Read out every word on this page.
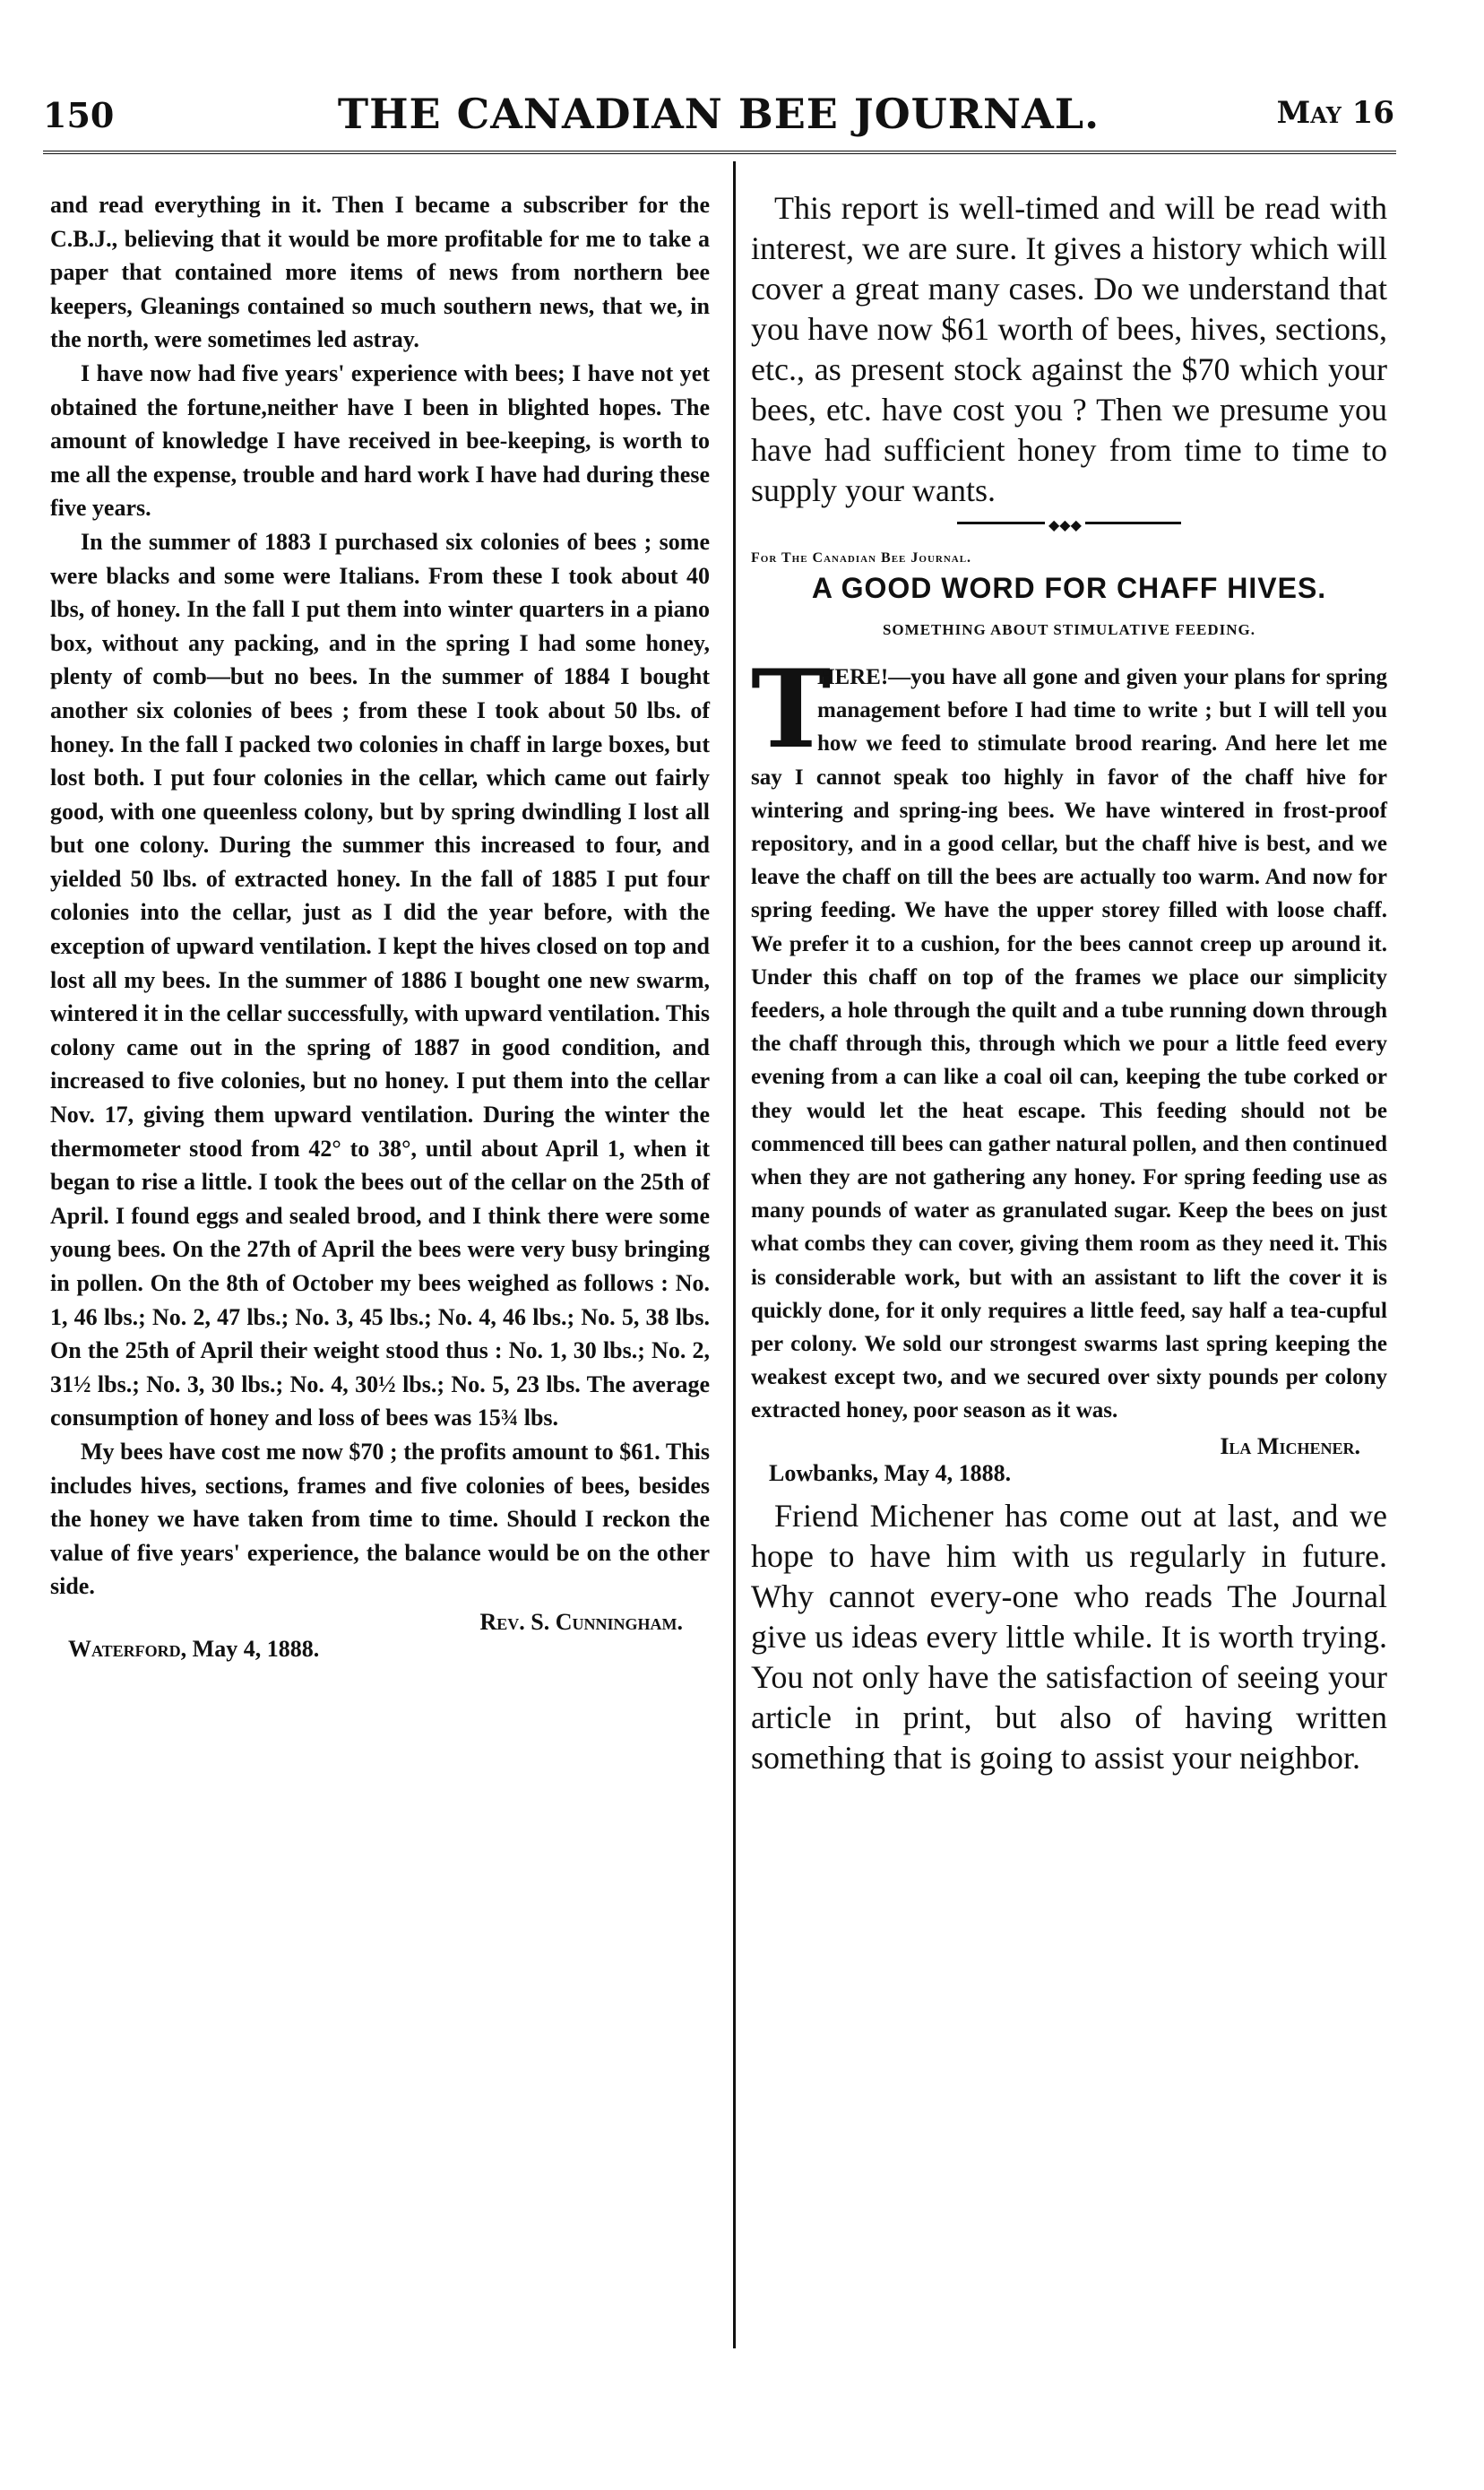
150	THE CANADIAN BEE JOURNAL.	May 16

and read everything in it. Then I became a subscriber for the C.B.J., believing that it would be more profitable for me to take a paper that contained more items of news from northern bee keepers, Gleanings contained so much southern news, that we, in the north, were sometimes led astray.

I have now had five years' experience with bees; I have not yet obtained the fortune,neither have I been in blighted hopes. The amount of knowledge I have received in bee-keeping, is worth to me all the expense, trouble and hard work I have had during these five years.

In the summer of 1883 I purchased six colonies of bees ; some were blacks and some were Italians. From these I took about 40 lbs, of honey. In the fall I put them into winter quarters in a piano box, without any packing, and in the spring I had some honey, plenty of comb—but no bees. In the summer of 1884 I bought another six colonies of bees ; from these I took about 50 lbs. of honey. In the fall I packed two colonies in chaff in large boxes, but lost both. I put four colonies in the cellar, which came out fairly good, with one queenless colony, but by spring dwindling I lost all but one colony. During the summer this increased to four, and yielded 50 lbs. of extracted honey. In the fall of 1885 I put four colonies into the cellar, just as I did the year before, with the exception of upward ventilation. I kept the hives closed on top and lost all my bees. In the summer of 1886 I bought one new swarm, wintered it in the cellar successfully, with upward ventilation. This colony came out in the spring of 1887 in good condition, and increased to five colonies, but no honey. I put them into the cellar Nov. 17, giving them upward ventilation. During the winter the thermometer stood from 42° to 38°, until about April 1, when it began to rise a little. I took the bees out of the cellar on the 25th of April. I found eggs and sealed brood, and I think there were some young bees. On the 27th of April the bees were very busy bringing in pollen. On the 8th of October my bees weighed as follows : No. 1, 46 lbs.; No. 2, 47 lbs.; No. 3, 45 lbs.; No. 4, 46 lbs.; No. 5, 38 lbs. On the 25th of April their weight stood thus : No. 1, 30 lbs.; No. 2, 31½ lbs.; No. 3, 30 lbs.; No. 4, 30½ lbs.; No. 5, 23 lbs. The average consumption of honey and loss of bees was 15¾ lbs.

My bees have cost me now $70 ; the profits amount to $61. This includes hives, sections, frames and five colonies of bees, besides the honey we have taken from time to time. Should I reckon the value of five years' experience, the balance would be on the other side.

Rev. S. Cunningham.

Waterford, May 4, 1888.

This report is well-timed and will be read with interest, we are sure. It gives a history which will cover a great many cases. Do we understand that you have now $61 worth of bees, hives, sections, etc., as present stock against the $70 which your bees, etc. have cost you ? Then we presume you have had sufficient honey from time to time to supply your wants.

◆◆◆

For The Canadian Bee Journal.

A GOOD WORD FOR CHAFF HIVES.

SOMETHING ABOUT STIMULATIVE FEEDING.

T

HERE!—you have all gone and given your plans for spring management before I had time to write ; but I will tell you how we feed to stimulate brood rearing. And here let me say I cannot speak too highly in favor of the chaff hive for wintering and spring-ing bees. We have wintered in frost-proof repository, and in a good cellar, but the chaff hive is best, and we leave the chaff on till the bees are actually too warm. And now for spring feeding. We have the upper storey filled with loose chaff. We prefer it to a cushion, for the bees cannot creep up around it. Under this chaff on top of the frames we place our simplicity feeders, a hole through the quilt and a tube running down through the chaff through this, through which we pour a little feed every evening from a can like a coal oil can, keeping the tube corked or they would let the heat escape. This feeding should not be commenced till bees can gather natural pollen, and then continued when they are not gathering any honey. For spring feeding use as many pounds of water as granulated sugar. Keep the bees on just what combs they can cover, giving them room as they need it. This is considerable work, but with an assistant to lift the cover it is quickly done, for it only requires a little feed, say half a tea-cupful per colony. We sold our strongest swarms last spring keeping the weakest except two, and we secured over sixty pounds per colony extracted honey, poor season as it was.

Ila Michener.

Lowbanks, May 4, 1888.

Friend Michener has come out at last, and we hope to have him with us regularly in future. Why cannot every-one who reads The Journal give us ideas every little while. It is worth trying. You not only have the satisfaction of seeing your article in print, but also of having written something that is going to assist your neighbor.
